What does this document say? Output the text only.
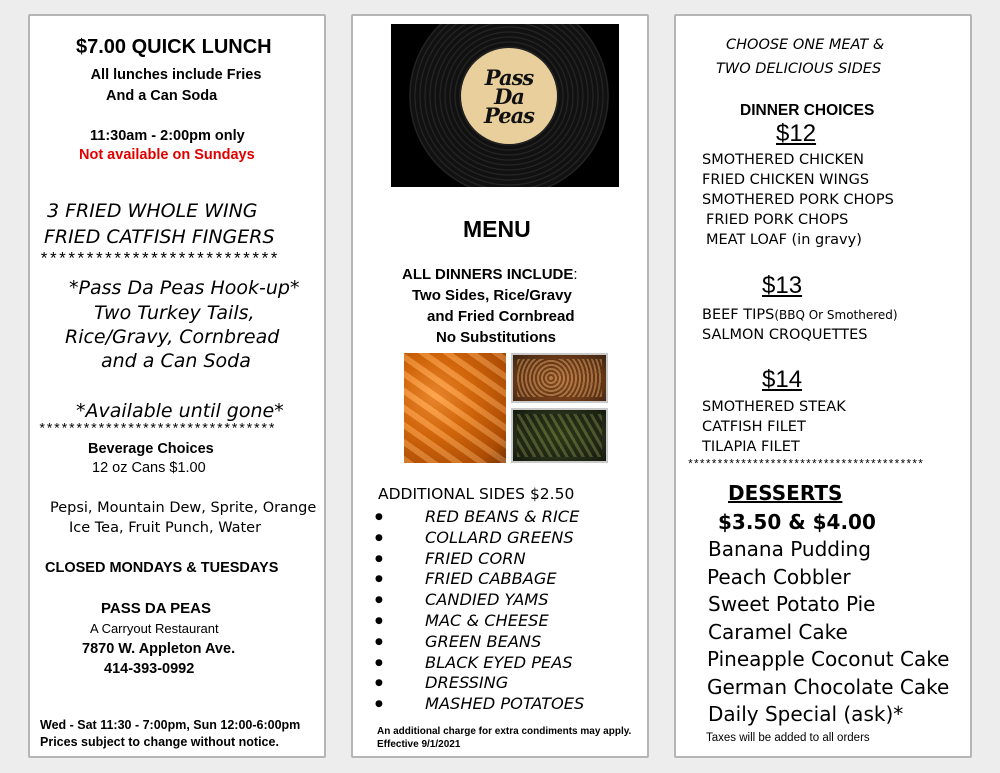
$7.00 QUICK LUNCH
All lunches include Fries
And a Can Soda
11:30am - 2:00pm only
Not available on Sundays
3 FRIED WHOLE WING
FRIED CATFISH FINGERS
**************************
*Pass Da Peas Hook-up*
Two Turkey Tails,
Rice/Gravy, Cornbread
and a Can Soda
*Available until gone*
********************************
Beverage Choices
12 oz Cans $1.00
Pepsi, Mountain Dew, Sprite, Orange
Ice Tea, Fruit Punch, Water
CLOSED MONDAYS & TUESDAYS
PASS DA PEAS
A Carryout Restaurant
7870 W. Appleton Ave.
414-393-0992
Wed - Sat 11:30 - 7:00pm, Sun 12:00-6:00pm
Prices subject to change without notice.
Pass
Da
Peas
MENU
ALL DINNERS INCLUDE:
Two Sides, Rice/Gravy
and Fried Cornbread
No Substitutions
ADDITIONAL SIDES $2.50
● RED BEANS & RICE
● COLLARD GREENS
● FRIED CORN
● FRIED CABBAGE
● CANDIED YAMS
● MAC & CHEESE
● GREEN BEANS
● BLACK EYED PEAS
● DRESSING
● MASHED POTATOES
An additional charge for extra condiments may apply.
Effective 9/1/2021
CHOOSE ONE MEAT &
TWO DELICIOUS SIDES
DINNER CHOICES
$12
SMOTHERED CHICKEN
FRIED CHICKEN WINGS
SMOTHERED PORK CHOPS
FRIED PORK CHOPS
MEAT LOAF (in gravy)
$13
BEEF TIPS(BBQ Or Smothered)
SALMON CROQUETTES
$14
SMOTHERED STEAK
CATFISH FILET
TILAPIA FILET
****************************************
DESSERTS
$3.50 & $4.00
Banana Pudding
Peach Cobbler
Sweet Potato Pie
Caramel Cake
Pineapple Coconut Cake
German Chocolate Cake
Daily Special (ask)*
Taxes will be added to all orders
